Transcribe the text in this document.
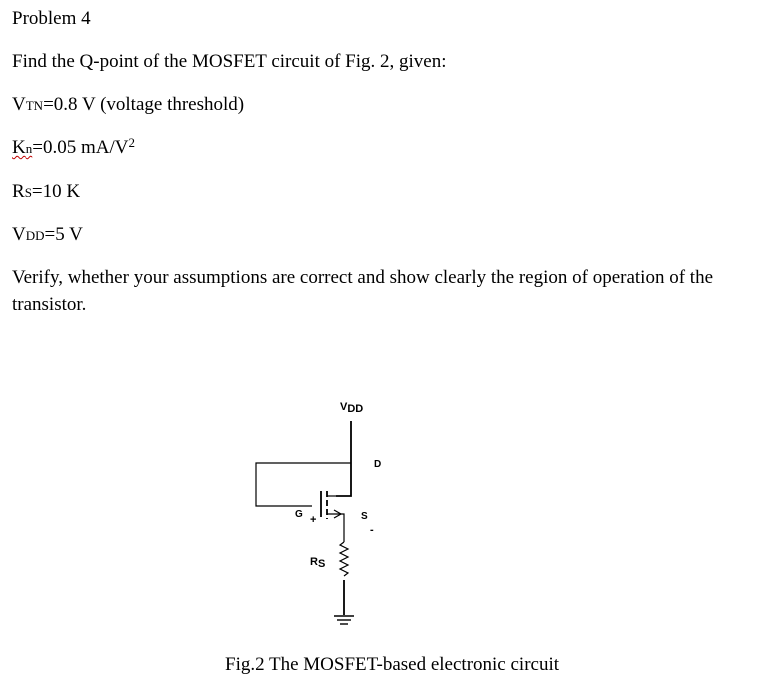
Problem 4
Find the Q-point of the MOSFET circuit of Fig. 2, given:
VTN=0.8 V (voltage threshold)
Kn=0.05 $mA/V^2$
RS=10 K
VDD=5 V
Verify, whether your assumptions are correct and show clearly the region of operation of the transistor.
VDD
D
G +	S
-
RS
Fig.2 The MOSFET-based electronic circuit
